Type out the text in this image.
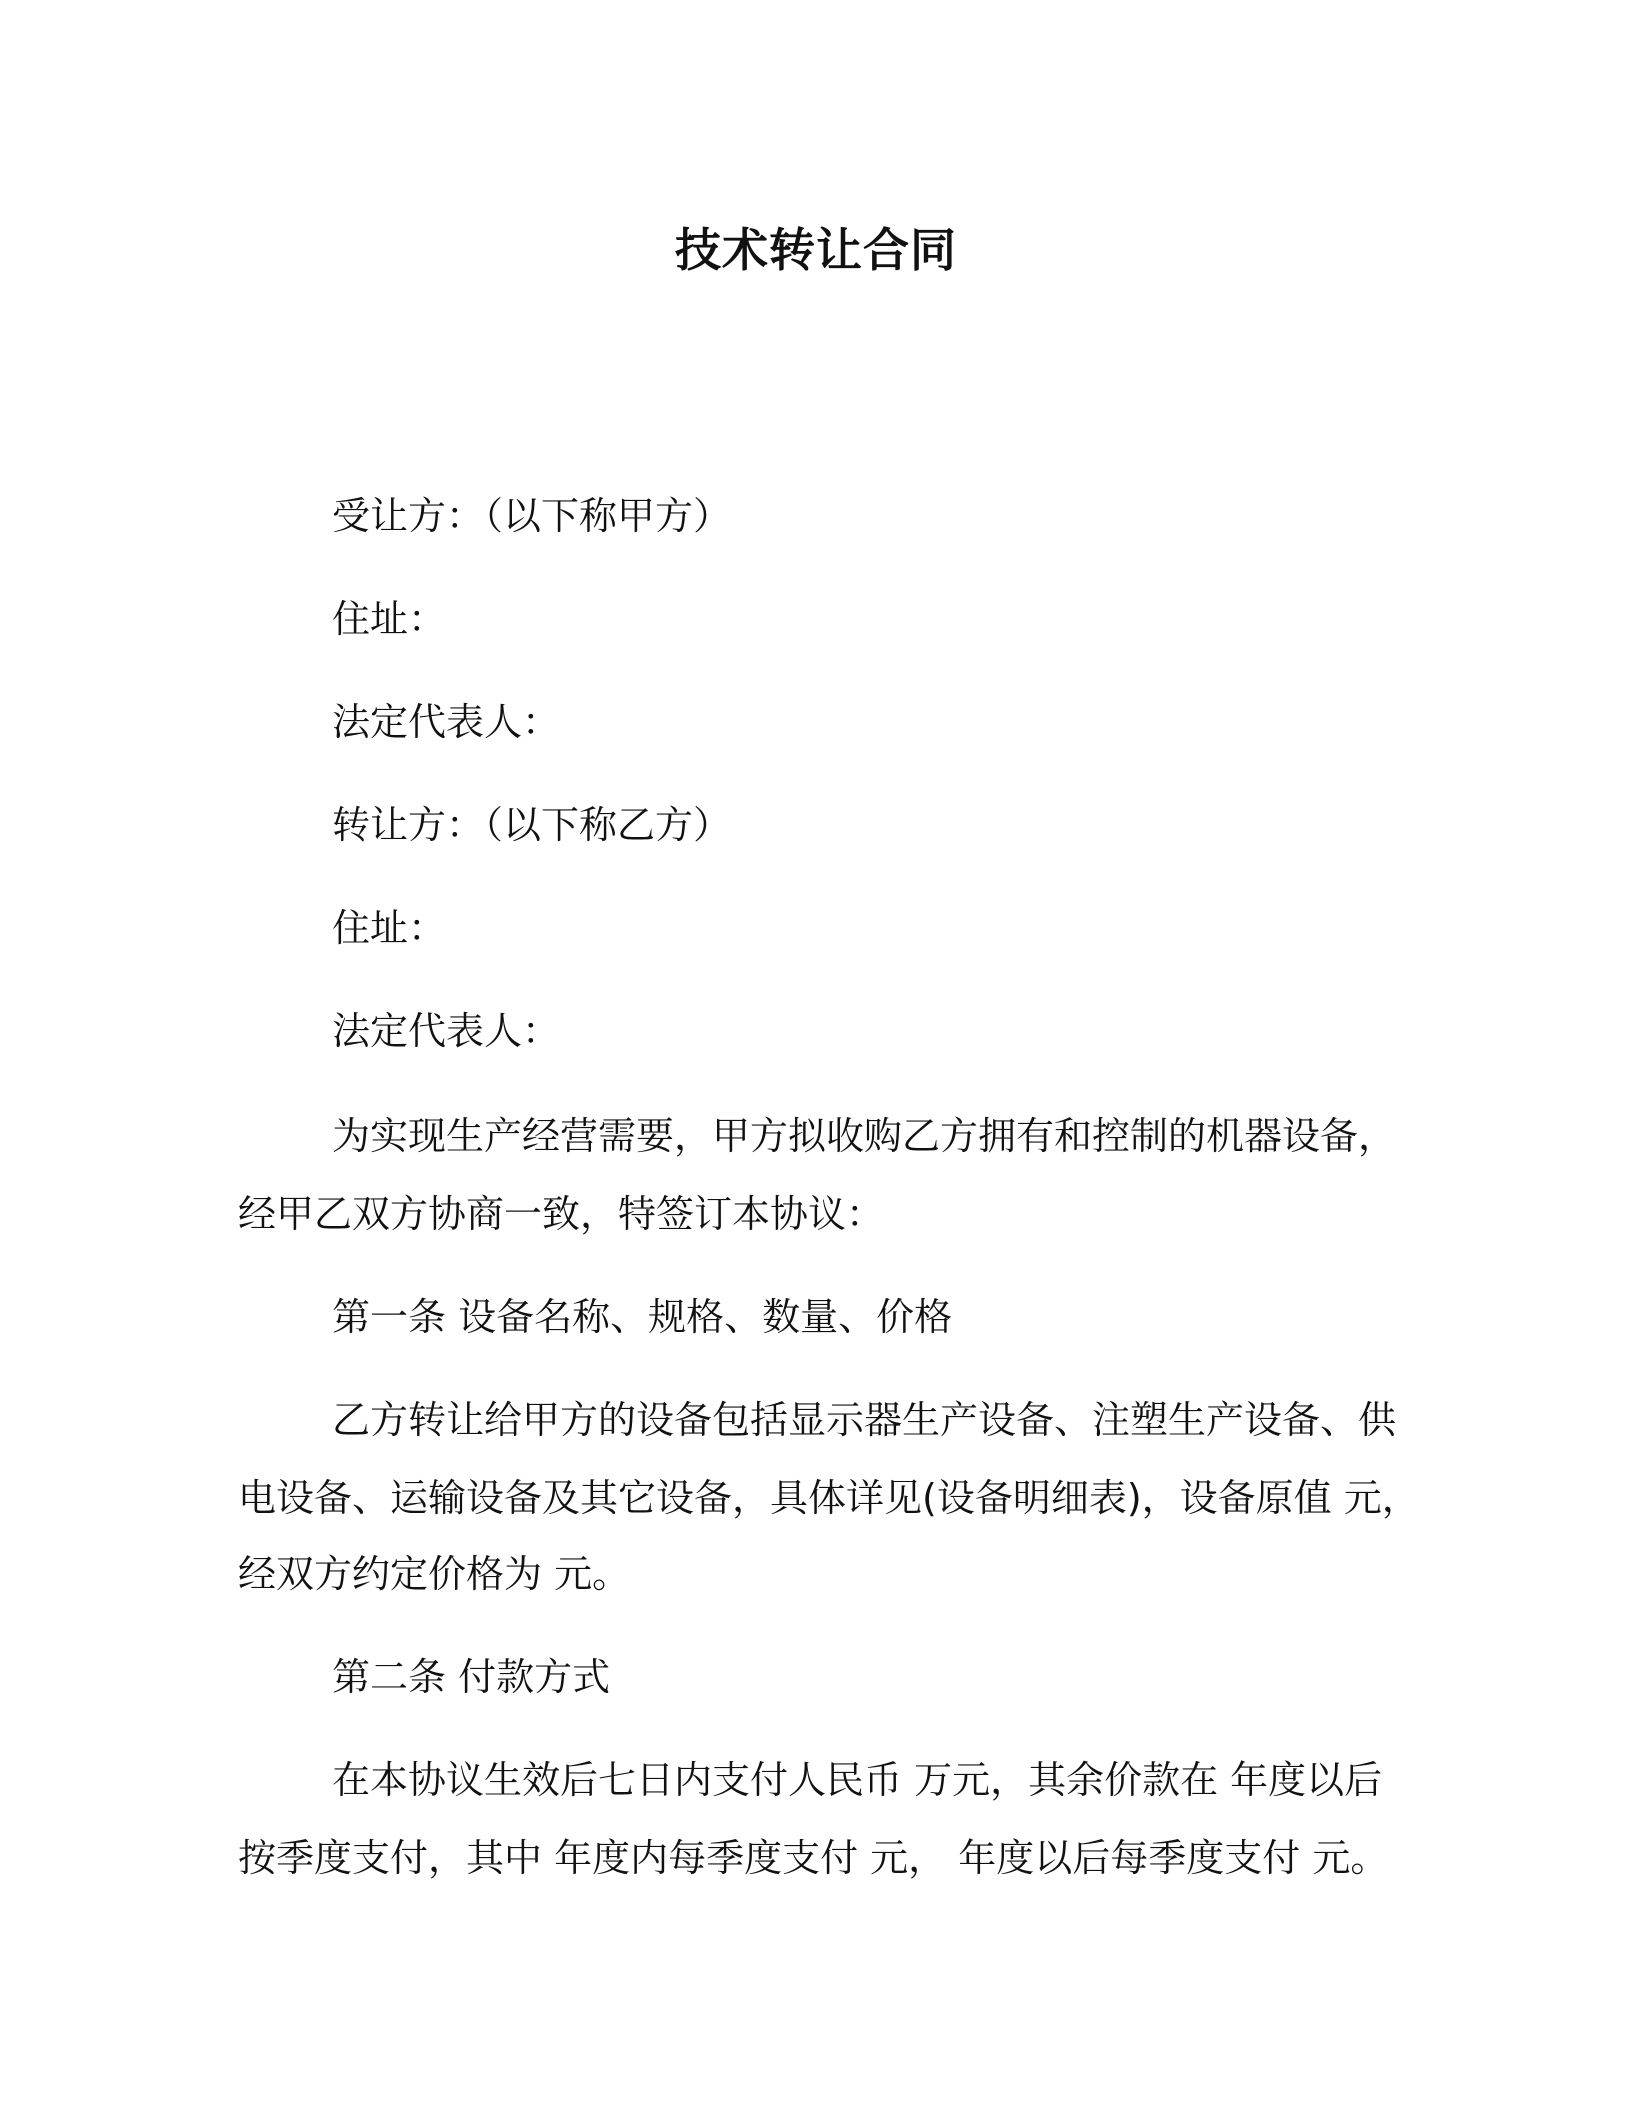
技术转让合同

受让方：（以下称甲方）

住址：

法定代表人：

转让方：（以下称乙方）

住址：

法定代表人：

为实现生产经营需要，甲方拟收购乙方拥有和控制的机器设备，

经甲乙双方协商一致，特签订本协议：

第一条 设备名称、规格、数量、价格

乙方转让给甲方的设备包括显示器生产设备、注塑生产设备、供

电设备、运输设备及其它设备，具体详见(设备明细表)，设备原值 元，

经双方约定价格为 元。

第二条 付款方式

在本协议生效后七日内支付人民币 万元，其余价款在 年度以后

按季度支付，其中 年度内每季度支付 元， 年度以后每季度支付 元。
